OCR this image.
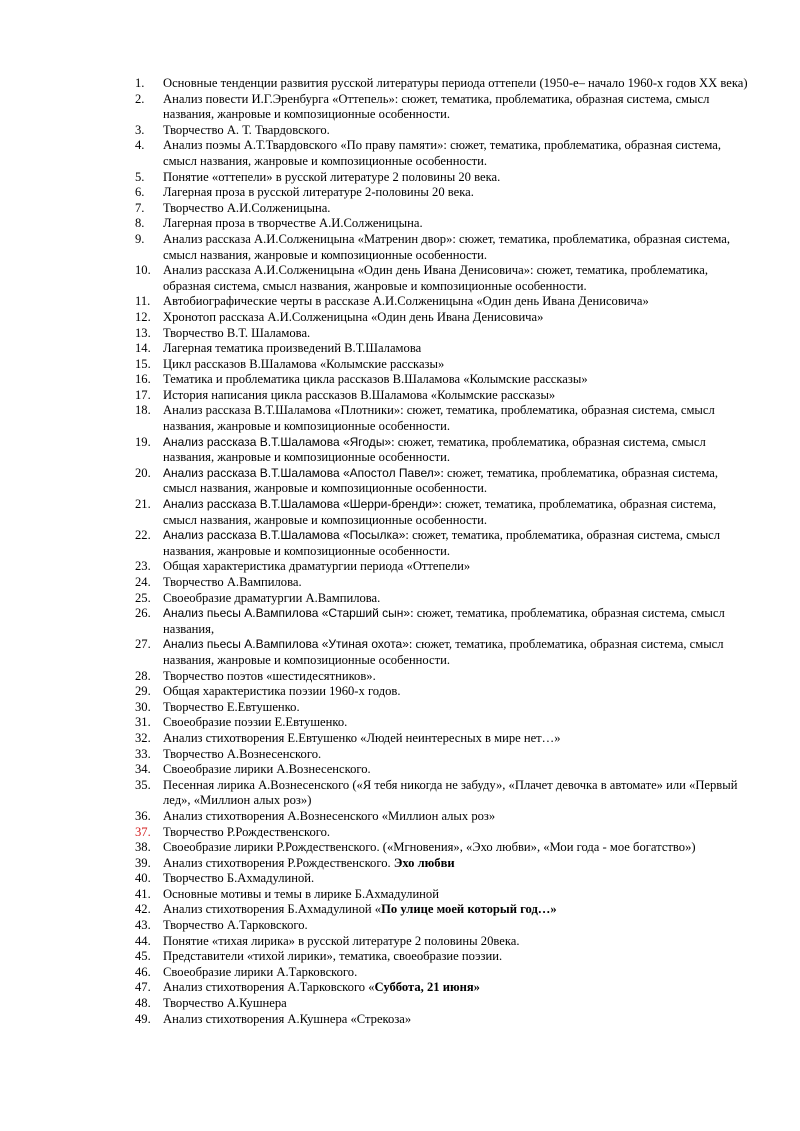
1.	Основные тенденции развития русской литературы периода оттепели (1950-е– начало 1960-х годов ХХ века)
2.	Анализ повести И.Г.Эренбурга «Оттепель»: сюжет, тематика, проблематика, образная система, смысл названия, жанровые и композиционные особенности.
3.	Творчество А. Т. Твардовского.
4.	Анализ поэмы А.Т.Твардовского «По праву памяти»: сюжет, тематика, проблематика, образная система, смысл названия, жанровые и композиционные особенности.
5.	Понятие «оттепели» в русской литературе 2 половины 20 века.
6.	Лагерная проза в русской литературе 2-половины 20 века.
7.	Творчество А.И.Солженицына.
8.	Лагерная проза в творчестве А.И.Солженицына.
9.	Анализ рассказа А.И.Солженицына «Матренин двор»: сюжет, тематика, проблематика, образная система, смысл названия, жанровые и композиционные особенности.
10. Анализ рассказа А.И.Солженицына «Один день Ивана Денисовича»: сюжет, тематика, проблематика, образная система, смысл названия, жанровые и композиционные особенности.
11.	Автобиографические черты в рассказе А.И.Солженицына «Один день Ивана Денисовича»
12. Хронотоп рассказа А.И.Солженицына «Один день Ивана Денисовича»
13. Творчество В.Т. Шаламова.
14. Лагерная тематика произведений В.Т.Шаламова
15. Цикл рассказов В.Шаламова «Колымские рассказы»
16. Тематика и проблематика цикла рассказов В.Шаламова «Колымские рассказы»
17. История написания цикла рассказов В.Шаламова «Колымские рассказы»
18. Анализ рассказа В.Т.Шаламова «Плотники»: сюжет, тематика, проблематика, образная система, смысл названия, жанровые и композиционные особенности.
19.	Анализ рассказа В.Т.Шаламова «Ягоды»: сюжет, тематика, проблематика, образная система, смысл названия, жанровые и композиционные особенности.
20.	Анализ рассказа В.Т.Шаламова «Апостол Павел»: сюжет, тематика, проблематика, образная система, смысл названия, жанровые и композиционные особенности.
21.	Анализ рассказа В.Т.Шаламова «Шерри-бренди»: сюжет, тематика, проблематика, образная система, смысл названия, жанровые и композиционные особенности.
22.	Анализ рассказа В.Т.Шаламова «Посылка»: сюжет, тематика, проблематика, образная система, смысл названия, жанровые и композиционные особенности.
23. Общая характеристика драматургии периода «Оттепели»
24. Творчество А.Вампилова.
25. Своеобразие драматургии А.Вампилова.
26.	Анализ пьесы А.Вампилова «Старший сын»: сюжет, тематика, проблематика, образная система, смысл названия,
27.	Анализ пьесы А.Вампилова «Утиная охота»: сюжет, тематика, проблематика, образная система, смысл названия, жанровые и композиционные особенности.
28. Творчество поэтов «шестидесятников».
29. Общая характеристика поэзии 1960-х годов.
30. Творчество Е.Евтушенко.
31. Своеобразие поэзии Е.Евтушенко.
32. Анализ стихотворения Е.Евтушенко «Людей неинтересных в мире нет…»
33. Творчество А.Вознесенского.
34. Своеобразие лирики А.Вознесенского.
35. Песенная лирика А.Вознесенского («Я тебя никогда не забуду», «Плачет девочка в автомате» или «Первый лед», «Миллион алых роз»)
36. Анализ стихотворения А.Вознесенского «Миллион алых роз»
37. Творчество Р.Рождественского.
38. Своеобразие лирики Р.Рождественского. («Мгновения», «Эхо любви», «Мои года - мое богатство»)
39. Анализ стихотворения Р.Рождественского. Эхо любви
40. Творчество Б.Ахмадулиной.
41. Основные мотивы и темы в лирике Б.Ахмадулиной
42. Анализ стихотворения Б.Ахмадулиной «По улице моей который год…»
43. Творчество А.Тарковского.
44. Понятие «тихая лирика» в русской литературе 2 половины 20века.
45. Представители «тихой лирики», тематика, своеобразие поэзии.
46. Своеобразие лирики А.Тарковского.
47. Анализ стихотворения А.Тарковского «Суббота, 21 июня»
48. Творчество А.Кушнера
49. Анализ стихотворения А.Кушнера «Стрекоза»
